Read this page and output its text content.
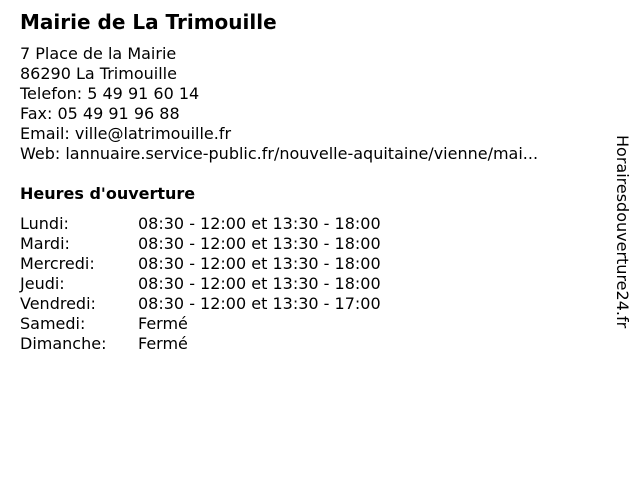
Mairie de La Trimouille
7 Place de la Mairie
86290 La Trimouille
Telefon: 5 49 91 60 14
Fax: 05 49 91 96 88
Email: ville@latrimouille.fr
Web: lannuaire.service-public.fr/nouvelle-aquitaine/vienne/mai...
Heures d'ouverture
Lundi:	08:30 - 12:00 et 13:30 - 18:00
Mardi:	08:30 - 12:00 et 13:30 - 18:00
Mercredi:	08:30 - 12:00 et 13:30 - 18:00
Jeudi:	08:30 - 12:00 et 13:30 - 18:00
Vendredi:	08:30 - 12:00 et 13:30 - 17:00
Samedi:	Fermé
Dimanche: Fermé
Horairesdouverture24.fr
